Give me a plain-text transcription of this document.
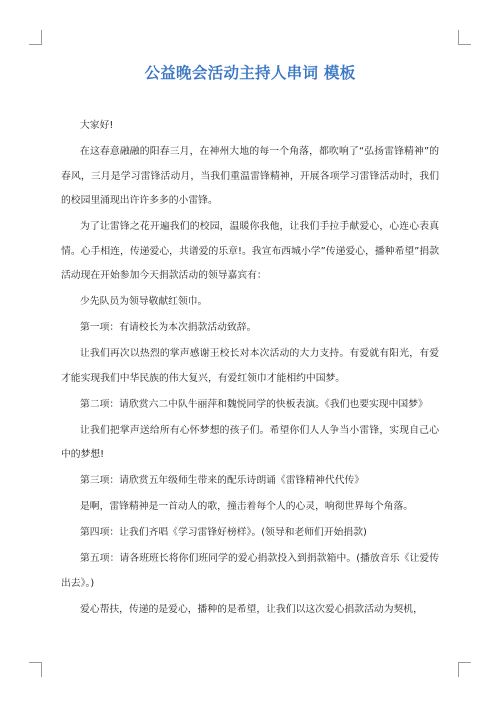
公益晚会活动主持人串词 模板

大家好!

在这春意融融的阳春三月，在神州大地的每一个角落，都吹响了“弘扬雷锋精神”的春风，三月是学习雷锋活动月，当我们重温雷锋精神，开展各项学习雷锋活动时，我们的校园里涌现出许许多多的小雷锋。

为了让雷锋之花开遍我们的校园，温暖你我他，让我们手拉手献爱心，心连心表真情。心手相连，传递爱心，共谱爱的乐章!。我宣布西城小学”传递爱心，播种希望”捐款活动现在开始参加今天捐款活动的领导嘉宾有：

少先队员为领导敬献红领巾。

第一项：有请校长为本次捐款活动致辞。

让我们再次以热烈的掌声感谢王校长对本次活动的大力支持。有爱就有阳光，有爱才能实现我们中华民族的伟大复兴，有爱红领巾才能相约中国梦。

第二项：请欣赏六二中队牛丽萍和魏悦同学的快板表演。《我们也要实现中国梦》

让我们把掌声送给所有心怀梦想的孩子们。希望你们人人争当小雷锋，实现自己心中的梦想!

第三项：请欣赏五年级师生带来的配乐诗朗诵《雷锋精神代代传》

是啊，雷锋精神是一首动人的歌，撞击着每个人的心灵，响彻世界每个角落。

第四项：让我们齐唱《学习雷锋好榜样》。(领导和老师们开始捐款)

第五项：请各班班长将你们班同学的爱心捐款投入到捐款箱中。(播放音乐《让爱传出去》。)

爱心帮扶，传递的是爱心，播种的是希望，让我们以这次爱心捐款活动为契机，
